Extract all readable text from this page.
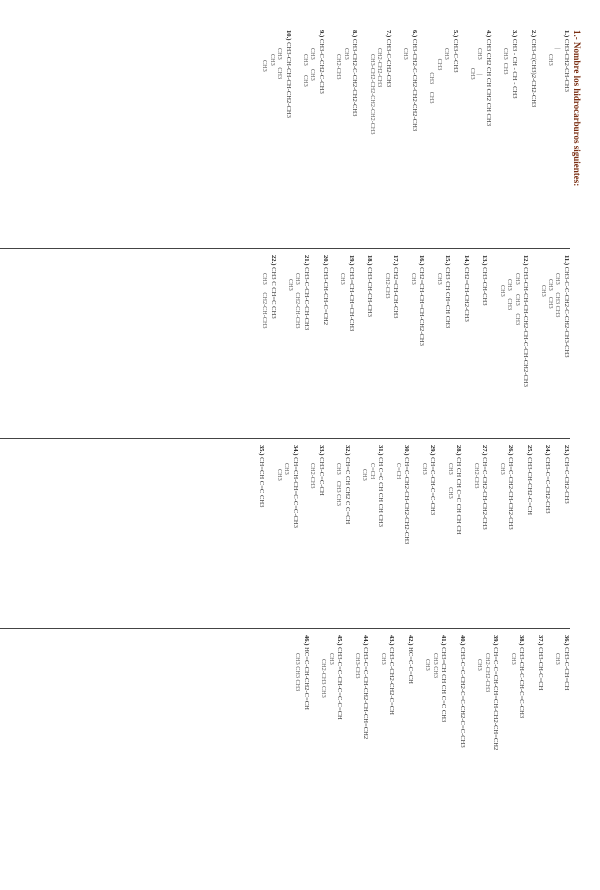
1.- Nombre los hidrocarburos siguientes:
1.) CH3-CH2-CH-CH3
|
CH3
2.) CH3-C(CH3)2-CH2-CH3
3.) CH3 - CH - CH - CH3
CH3  CH3
4.) CH3 CH2 CH CH CH2 CH CH3
CH3         |
CH3
5.) CH3-C-CH3
CH3
CH3
CH3     CH3
6.) CH3-CH2-C-CH2-CH2-CH2-CH3
CH3
7.) CH3-C-CH2-CH3
CH2-CH2-CH3
CH3-CH2-CH2-CH2-CH2-CH3
8.) CH3-CH2-C-CH2-CH2-CH3
CH3
CH2-CH3
9.) CH3-C-CH2-C-CH3
CH3      CH3
CH3      CH3
10.) CH3-CH-CH-CH-CH2-CH3
CH3     CH3
CH3
CH3
11.) CH3-C-C-CH2-C-CH2-CH3-CH3
CH3     CH3 CH3
CH3    CH3
CH3
12.) CH3-CH-CH-CH-CH2-CH-C-CH-CH2-CH3
CH3      CH3     CH3
CH3     CH3
CH3
13.) CH3-CH-CH3
14.) CH2=CH-CH2-CH3
15.) CH3 CH CH=CH CH3
CH3
16.) CH2=CH-CH=CH-CH2-CH3
CH3
17.) CH2=CH-CH-CH3
CH2-CH3
18.) CH3-CH-CH-CH3
19.) CH3=CH-CH=CH-CH3
CH3
20.) CH3-CH-CH-C=CH2
21.) CH3-C-CH-C-CH-CH3
CH3     CH2-CH-CH3
CH3
22.) CH3 C CH=C CH3
CH3     CH2-CH-CH3
23.) CH=C-CH2-CH3
24.) CH3-C=C-CH2-CH3
25.) CH3-CH-CH2-C=CH
26.) CH=C-CH2-CH-CH2-CH3
CH3
27.) CH=C-CH2-CH-CH2-CH3
CH2-CH3
28.) CH CH CH C=C CH CH CH
CH3        CH3
29.) CH=C-CH-C=C-CH3
CH3
30.) CH=C-CH2-CH-CH2-CH2-CH3
C=CH
31.) CH C=C CH CH CH CH3
C=CH
CH3
32.) CH=C CH CH2 C C=CH
CH3    CH3 CH3
33.) CH3-C=C-CH
CH2-CH3
34.) CH=CH-CH=C-C=C-CH3
CH3
CH3
35.) CH=CH C=C CH3
36.) CH3-C-CH=CH
CH3
37.) CH3-CH-C=CH
38.) CH3-CH-C-CH-C=C-CH3
CH3
39.) CH=C-C=CH-CH=CH-CH2-CH=CH2
CH2-CH2-CH3
CH3
40.) CH3-C=C-CH2-C=C-CH2-C=C-CH3
41.) CH3=CH CH CH C=C CH3
CH3 CH3
CH3
42.) HC=C-C=CH
43.) CH3-C-CH2-CH2-C=CH
CH3
44.) CH3-C=C-CH-CH2-CH-CH=CH2
CH3-CH3
45.) CH3-C=C-CH-C=C-C=CH
CH3
CH2-CH3 CH3
46.) HC=C-CH-CH2-C=CH
CH3 CH3 CH3
